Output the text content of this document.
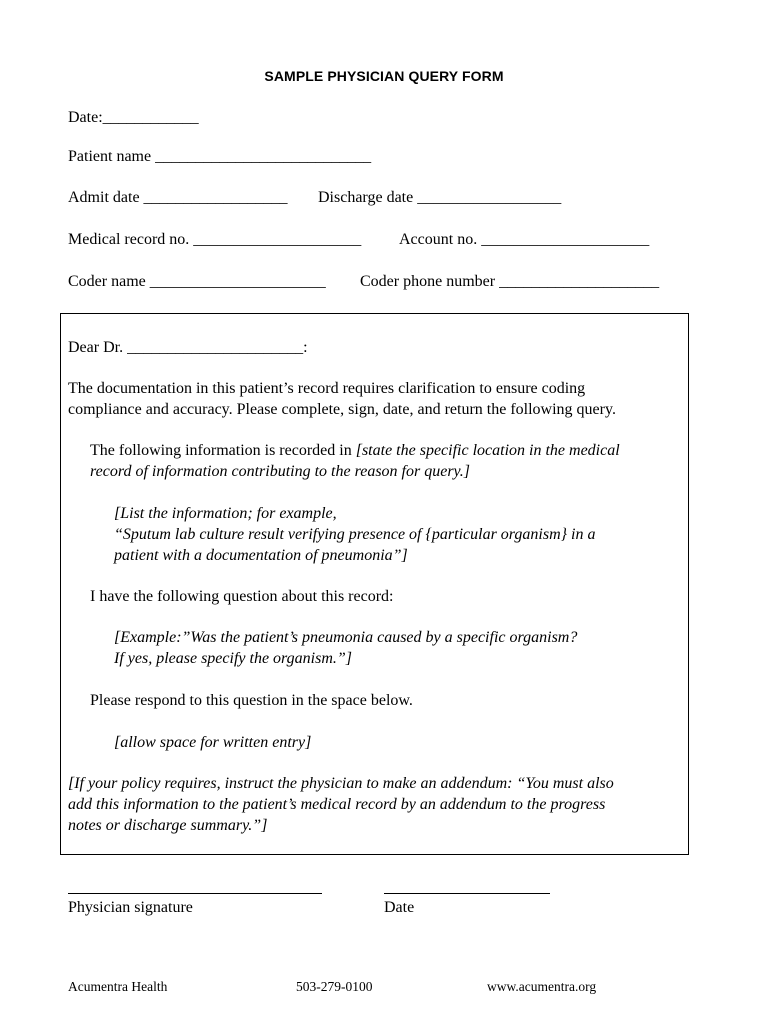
SAMPLE PHYSICIAN QUERY FORM
Date:____________
Patient name ___________________________
Admit date __________________ Discharge date __________________
Medical record no. _____________________ Account no. _____________________
Coder name ______________________ Coder phone number ____________________
Dear Dr. ______________________:
The documentation in this patient’s record requires clarification to ensure coding
compliance and accuracy. Please complete, sign, date, and return the following query.
The following information is recorded in [state the specific location in the medical
record of information contributing to the reason for query.]
[List the information; for example,
“Sputum lab culture result verifying presence of {particular organism} in a
patient with a documentation of pneumonia”]
I have the following question about this record:
[Example:”Was the patient’s pneumonia caused by a specific organism?
If yes, please specify the organism.”]
Please respond to this question in the space below.
[allow space for written entry]
[If your policy requires, instruct the physician to make an addendum: “You must also
add this information to the patient’s medical record by an addendum to the progress
notes or discharge summary.”]
Physician signature	Date
Acumentra Health	503-279-0100	www.acumentra.org
